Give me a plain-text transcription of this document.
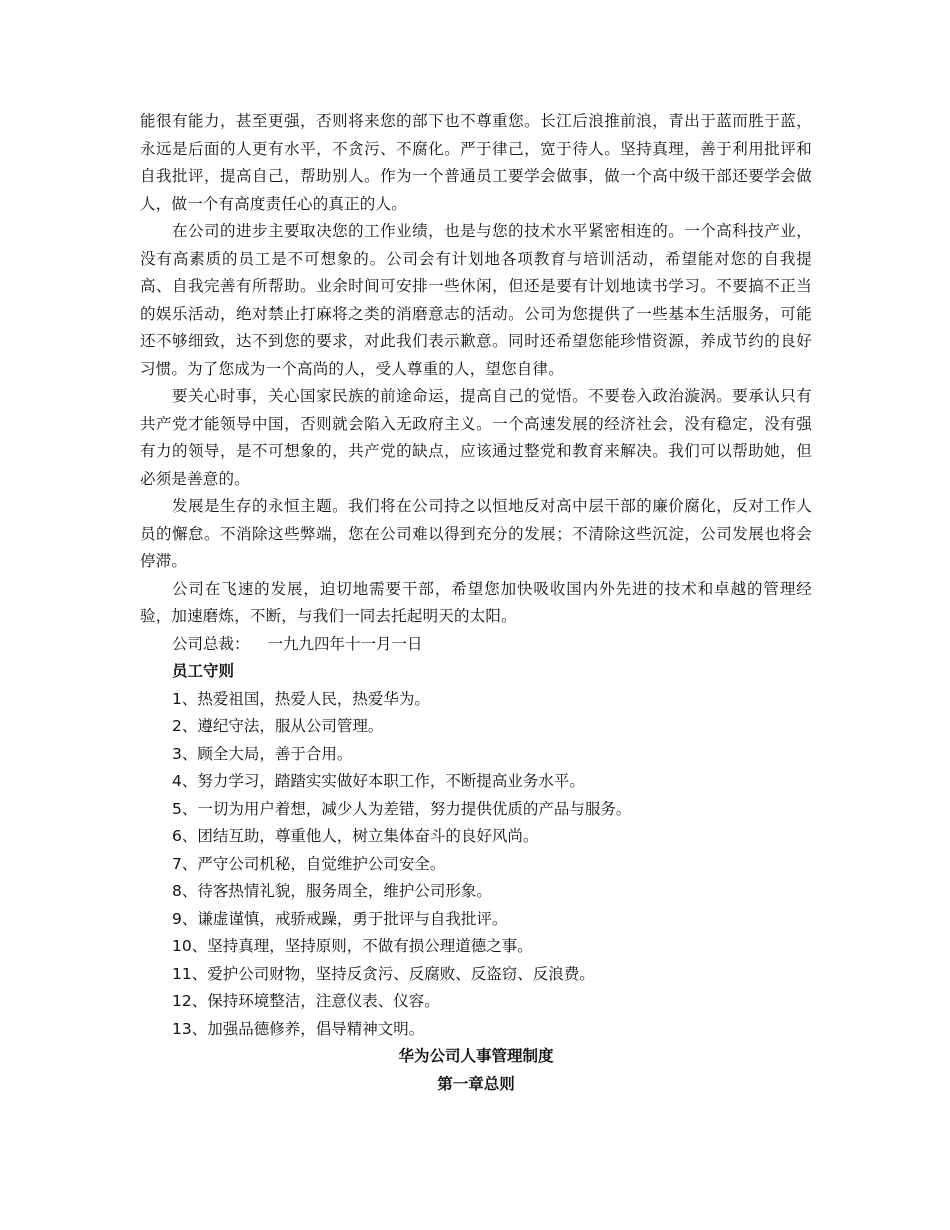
能很有能力，甚至更强，否则将来您的部下也不尊重您。长江后浪推前浪，青出于蓝而胜于蓝，永远是后面的人更有水平，不贪污、不腐化。严于律己，宽于待人。坚持真理，善于利用批评和自我批评，提高自己，帮助别人。作为一个普通员工要学会做事，做一个高中级干部还要学会做人，做一个有高度责任心的真正的人。

在公司的进步主要取决您的工作业绩，也是与您的技术水平紧密相连的。一个高科技产业，没有高素质的员工是不可想象的。公司会有计划地各项教育与培训活动，希望能对您的自我提高、自我完善有所帮助。业余时间可安排一些休闲，但还是要有计划地读书学习。不要搞不正当的娱乐活动，绝对禁止打麻将之类的消磨意志的活动。公司为您提供了一些基本生活服务，可能还不够细致，达不到您的要求，对此我们表示歉意。同时还希望您能珍惜资源，养成节约的良好习惯。为了您成为一个高尚的人，受人尊重的人，望您自律。

要关心时事，关心国家民族的前途命运，提高自己的觉悟。不要卷入政治漩涡。要承认只有共产党才能领导中国，否则就会陷入无政府主义。一个高速发展的经济社会，没有稳定，没有强有力的领导，是不可想象的，共产党的缺点，应该通过整党和教育来解决。我们可以帮助她，但必须是善意的。

发展是生存的永恒主题。我们将在公司持之以恒地反对高中层干部的廉价腐化，反对工作人员的懈怠。不消除这些弊端，您在公司难以得到充分的发展；不清除这些沉淀，公司发展也将会停滞。

公司在飞速的发展，迫切地需要干部，希望您加快吸收国内外先进的技术和卓越的管理经验，加速磨炼，不断，与我们一同去托起明天的太阳。

公司总裁： 一九九四年十一月一日

员工守则

1、热爱祖国，热爱人民，热爱华为。
2、遵纪守法，服从公司管理。
3、顾全大局，善于合用。
4、努力学习，踏踏实实做好本职工作，不断提高业务水平。
5、一切为用户着想，减少人为差错，努力提供优质的产品与服务。
6、团结互助，尊重他人，树立集体奋斗的良好风尚。
7、严守公司机秘，自觉维护公司安全。
8、待客热情礼貌，服务周全，维护公司形象。
9、谦虚谨慎，戒骄戒躁，勇于批评与自我批评。
10、坚持真理，坚持原则，不做有损公理道德之事。
11、爱护公司财物，坚持反贪污、反腐败、反盗窃、反浪费。
12、保持环境整洁，注意仪表、仪容。
13、加强品德修养，倡导精神文明。

华为公司人事管理制度

第一章总则
